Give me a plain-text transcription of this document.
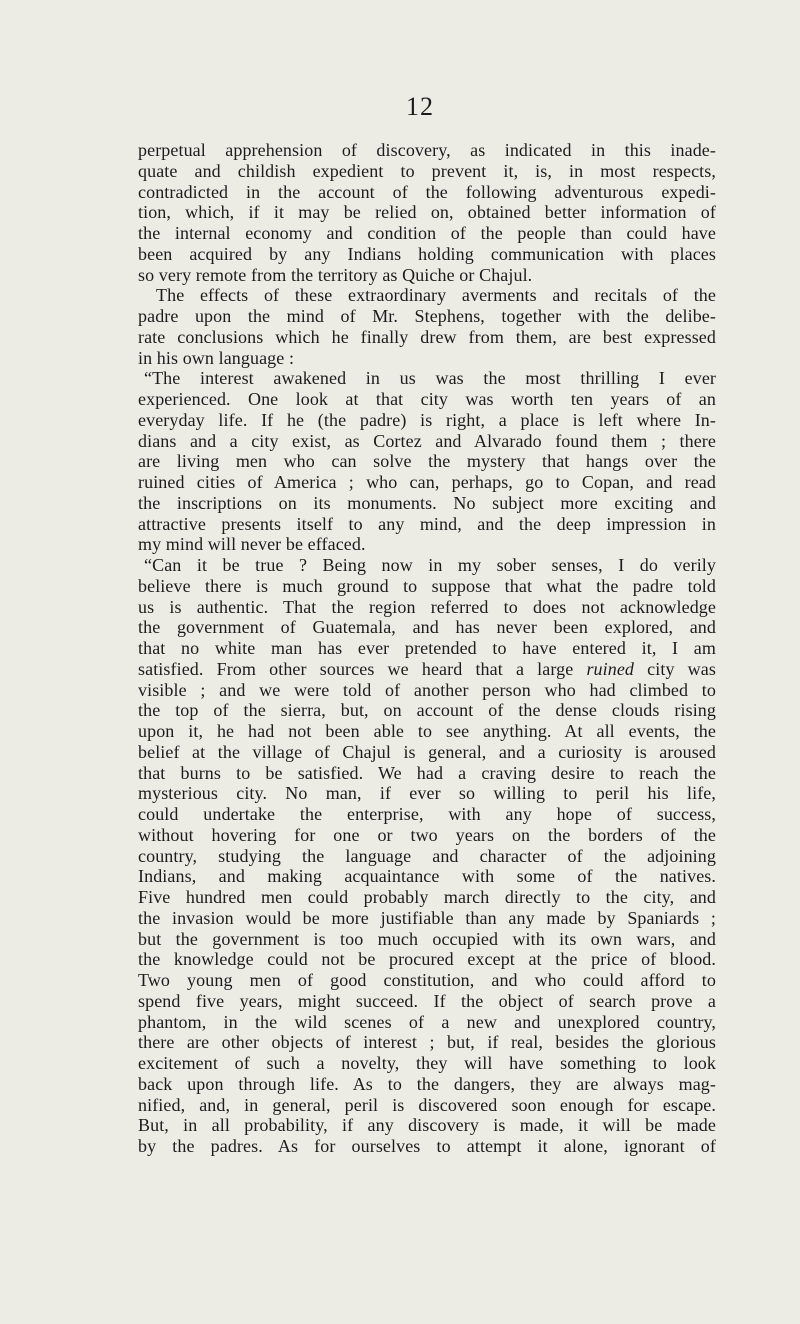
12
perpetual apprehension of discovery, as indicated in this inade-
quate and childish expedient to prevent it, is, in most respects,
contradicted in the account of the following adventurous expedi-
tion, which, if it may be relied on, obtained better information of
the internal economy and condition of the people than could have
been acquired by any Indians holding communication with places
so very remote from the territory as Quiche or Chajul.
The effects of these extraordinary averments and recitals of the
padre upon the mind of Mr. Stephens, together with the delibe-
rate conclusions which he finally drew from them, are best expressed
in his own language :
“The interest awakened in us was the most thrilling I ever
experienced. One look at that city was worth ten years of an
everyday life. If he (the padre) is right, a place is left where In-
dians and a city exist, as Cortez and Alvarado found them ; there
are living men who can solve the mystery that hangs over the
ruined cities of America ; who can, perhaps, go to Copan, and read
the inscriptions on its monuments. No subject more exciting and
attractive presents itself to any mind, and the deep impression in
my mind will never be effaced.
“Can it be true ? Being now in my sober senses, I do verily
believe there is much ground to suppose that what the padre told
us is authentic. That the region referred to does not acknowledge
the government of Guatemala, and has never been explored, and
that no white man has ever pretended to have entered it, I am
satisfied. From other sources we heard that a large ruined city was
visible ; and we were told of another person who had climbed to
the top of the sierra, but, on account of the dense clouds rising
upon it, he had not been able to see anything. At all events, the
belief at the village of Chajul is general, and a curiosity is aroused
that burns to be satisfied. We had a craving desire to reach the
mysterious city. No man, if ever so willing to peril his life,
could undertake the enterprise, with any hope of success,
without hovering for one or two years on the borders of the
country, studying the language and character of the adjoining
Indians, and making acquaintance with some of the natives.
Five hundred men could probably march directly to the city, and
the invasion would be more justifiable than any made by Spaniards ;
but the government is too much occupied with its own wars, and
the knowledge could not be procured except at the price of blood.
Two young men of good constitution, and who could afford to
spend five years, might succeed. If the object of search prove a
phantom, in the wild scenes of a new and unexplored country,
there are other objects of interest ; but, if real, besides the glorious
excitement of such a novelty, they will have something to look
back upon through life. As to the dangers, they are always mag-
nified, and, in general, peril is discovered soon enough for escape.
But, in all probability, if any discovery is made, it will be made
by the padres. As for ourselves to attempt it alone, ignorant of
